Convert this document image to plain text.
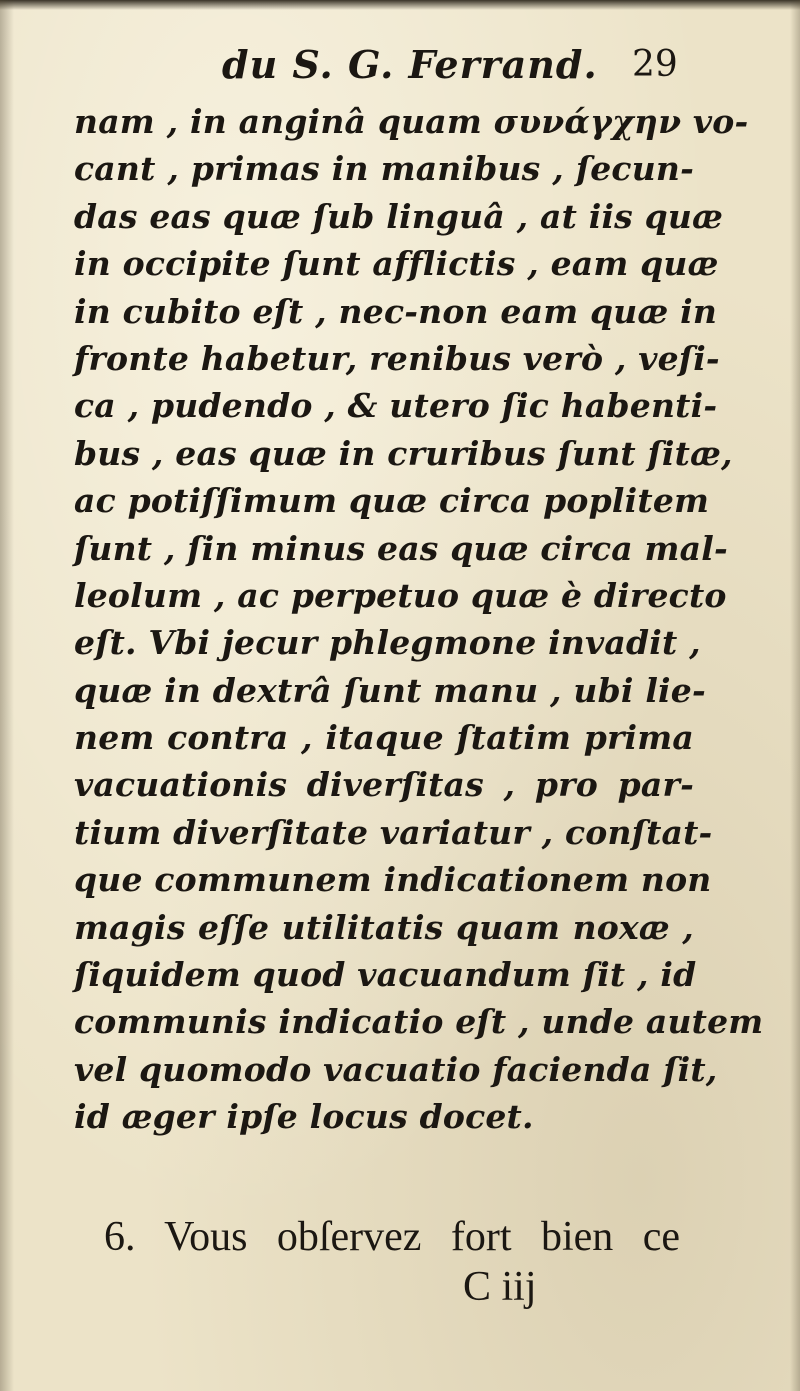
du S. G. Ferrand. 29
nam , in anginâ quam συνάγχην vo-
cant , primas in manibus , ſecun-
das eas quæ ſub linguâ , at iis quæ
in occipite ſunt afflictis , eam quæ
in cubito eſt , nec-non eam quæ in
fronte habetur, renibus verò , veſi-
ca , pudendo , & utero ſic habenti-
bus , eas quæ in cruribus ſunt ſitæ,
ac potiſſimum quæ circa poplitem
ſunt , ſin minus eas quæ circa mal-
leolum , ac perpetuo quæ è directo
eſt. Vbi jecur phlegmone invadit ,
quæ in dextrâ ſunt manu , ubi lie-
nem contra , itaque ſtatim prima
vacuationis diverſitas , pro par-
tium diverſitate variatur , conſtat-
que communem indicationem non
magis eſſe utilitatis quam noxæ ,
ſiquidem quod vacuandum ſit , id
communis indicatio eſt , unde autem
vel quomodo vacuatio facienda ſit,
id æger ipſe locus docet.
6. Vous obſervez fort bien ce
C iij
